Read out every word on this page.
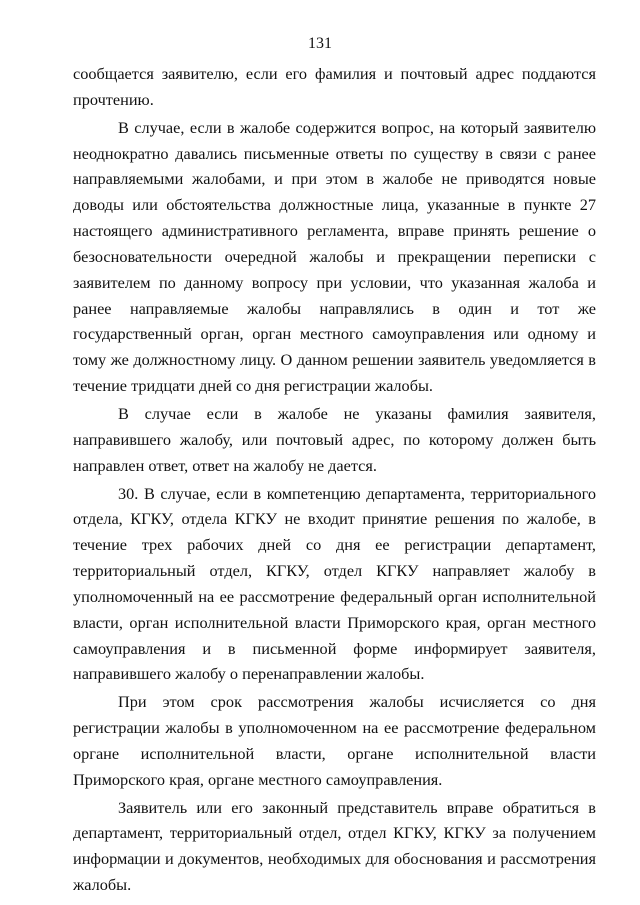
131

сообщается заявителю, если его фамилия и почтовый адрес поддаются прочтению.

В случае, если в жалобе содержится вопрос, на который заявителю неоднократно давались письменные ответы по существу в связи с ранее направляемыми жалобами, и при этом в жалобе не приводятся новые доводы или обстоятельства должностные лица, указанные в пункте 27 настоящего административного регламента, вправе принять решение о безосновательности очередной жалобы и прекращении переписки с заявителем по данному вопросу при условии, что указанная жалоба и ранее направляемые жалобы направлялись в один и тот же государственный орган, орган местного самоуправления или одному и тому же должностному лицу. О данном решении заявитель уведомляется в течение тридцати дней со дня регистрации жалобы.

В случае если в жалобе не указаны фамилия заявителя, направившего жалобу, или почтовый адрес, по которому должен быть направлен ответ, ответ на жалобу не дается.

30. В случае, если в компетенцию департамента, территориального отдела, КГКУ, отдела КГКУ не входит принятие решения по жалобе, в течение трех рабочих дней со дня ее регистрации департамент, территориальный отдел, КГКУ, отдел КГКУ направляет жалобу в уполномоченный на ее рассмотрение федеральный орган исполнительной власти, орган исполнительной власти Приморского края, орган местного самоуправления и в письменной форме информирует заявителя, направившего жалобу о перенаправлении жалобы.

При этом срок рассмотрения жалобы исчисляется со дня регистрации жалобы в уполномоченном на ее рассмотрение федеральном органе исполнительной власти, органе исполнительной власти Приморского края, органе местного самоуправления.

Заявитель или его законный представитель вправе обратиться в департамент, территориальный отдел, отдел КГКУ, КГКУ за получением информации и документов, необходимых для обоснования и рассмотрения жалобы.
